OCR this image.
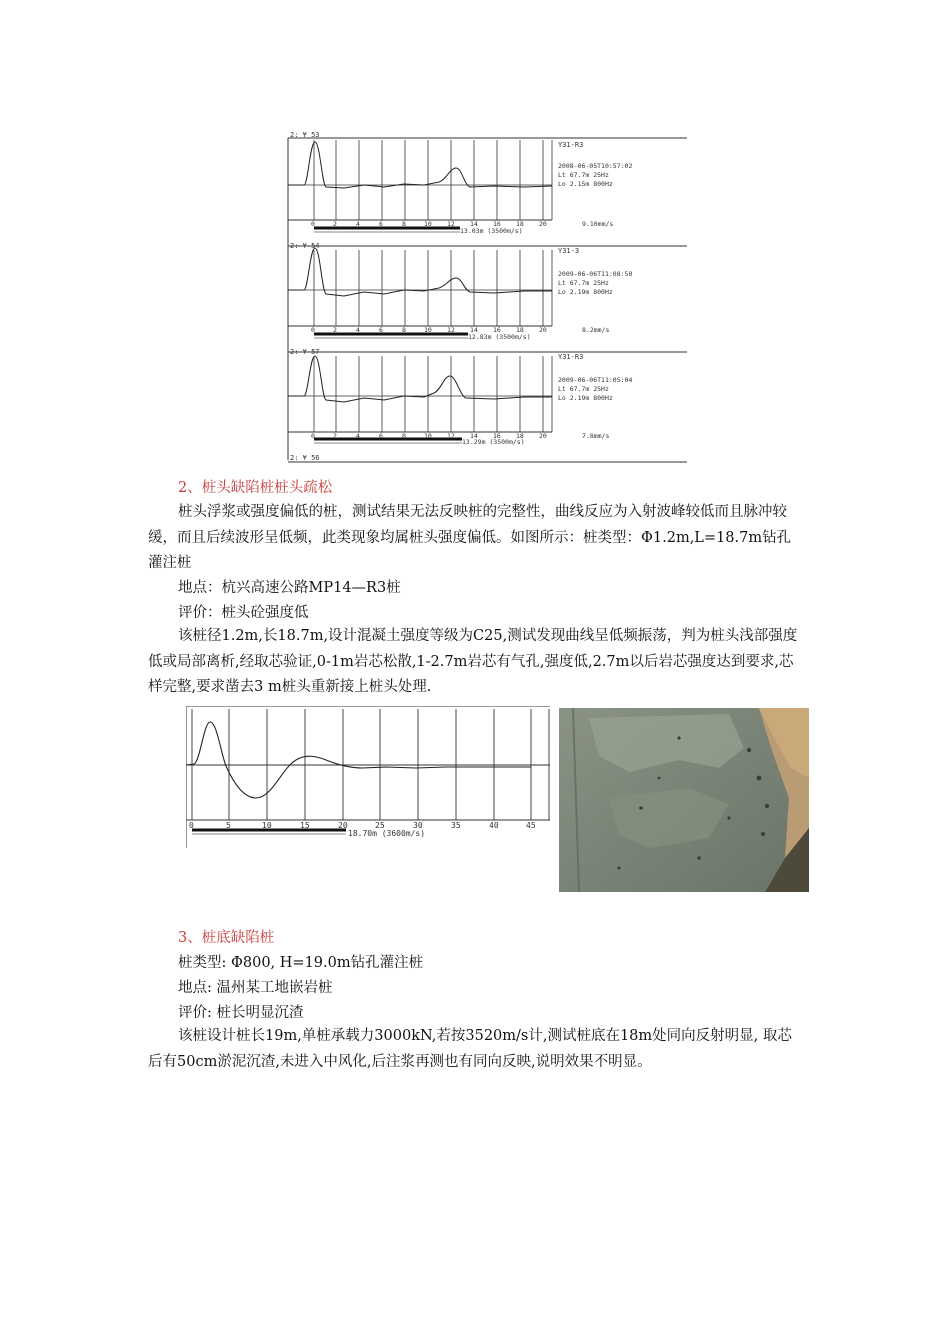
2: ¥ 53
Y31-R3
2008-06-05T10:57:02
Lt 67.7m 25Hz
Lo 2.15m 800Hz
0	2	4	6	8	10 12 14 16 18 20	9.10mm/s
13.03m (3500m/s)
2: ¥ 54
Y31-3
2009-06-06T11:08:50
Lt 67.7m 25Hz
Lo 2.19m 800Hz
0	2	4	6	8	10 12 14 16 18 20	8.2mm/s
12.83m (3500m/s)
2: ¥ 57
Y31-R3
2009-06-06T11:05:04
Lt 67.7m 25Hz
Lo 2.19m 800Hz
0	2	4	6	8	10 12 14 16 18 20	7.8mm/s
13.29m (3500m/s)
2: ¥ 56
2、桩头缺陷桩桩头疏松
桩头浮浆或强度偏低的桩，测试结果无法反映桩的完整性，曲线反应为入射波峰较低而且脉冲较缓，而且后续波形呈低频，此类现象均属桩头强度偏低。如图所示：桩类型：Φ1.2m,L=18.7m钻孔灌注桩
地点：杭兴高速公路MP14—R3桩
评价：桩头砼强度低
该桩径1.2m,长18.7m,设计混凝土强度等级为C25,测试发现曲线呈低频振荡，判为桩头浅部强度低或局部离析,经取芯验证,0-1m岩芯松散,1-2.7m岩芯有气孔,强度低,2.7m以后岩芯强度达到要求,芯样完整,要求凿去3 m桩头重新接上桩头处理.
0	5	10	15	20	25	30	35	40	45
18.70m (3600m/s)
3、桩底缺陷桩
桩类型: Φ800, H=19.0m钻孔灌注桩
地点: 温州某工地嵌岩桩
评价: 桩长明显沉渣
该桩设计桩长19m,单桩承载力3000kN,若按3520m/s计,测试桩底在18m处同向反射明显, 取芯后有50cm淤泥沉渣,未进入中风化,后注浆再测也有同向反映,说明效果不明显。
